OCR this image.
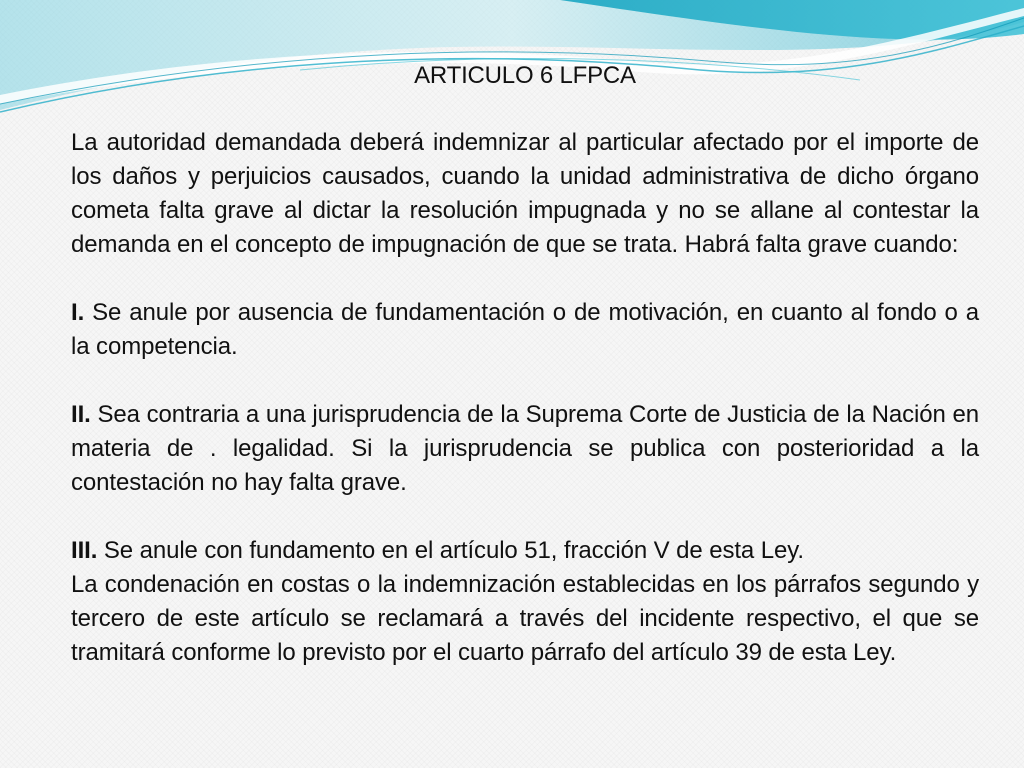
ARTICULO 6 LFPCA

La autoridad demandada deberá indemnizar al particular afectado por el importe de los daños y perjuicios causados, cuando la unidad administrativa de dicho órgano cometa falta grave al dictar la resolución impugnada y no se allane al contestar la demanda en el concepto de impugnación de que se trata. Habrá falta grave cuando:

I. Se anule por ausencia de fundamentación o de motivación, en cuanto al fondo o a la competencia.

II. Sea contraria a una jurisprudencia de la Suprema Corte de Justicia de la Nación en materia de . legalidad. Si la jurisprudencia se publica con posterioridad a la contestación no hay falta grave.

III. Se anule con fundamento en el artículo 51, fracción V de esta Ley.

La condenación en costas o la indemnización establecidas en los párrafos segundo y tercero de este artículo se reclamará a través del incidente respectivo, el que se tramitará conforme lo previsto por el cuarto párrafo del artículo 39 de esta Ley.
